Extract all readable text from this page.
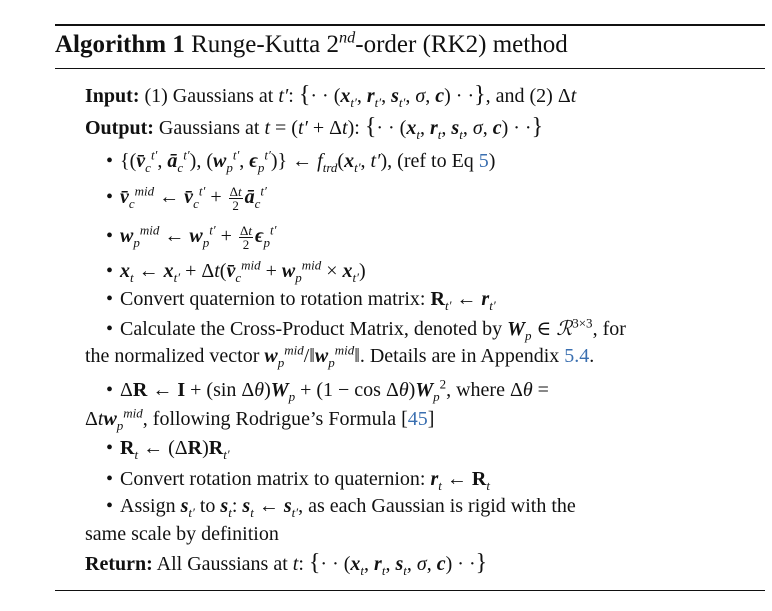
Algorithm 1 Runge-Kutta 2nd-order (RK2) method
Input: (1) Gaussians at t′: {· · ($x_{t'}$, $r_{t'}$, $s_{t'}$, σ, c) · ·}, and (2) Δt
Output: Gaussians at t = (t′ + Δt): {· · ($x_t$, $r_t$, $s_t$, σ, c) · ·}
• {($v̄_c^{t'}$, $ā_c^{t'}$), ($w_p^{t'}$, $\epsilon_p^{t'}$)} ← $f_{trd}(x_{t'}$, t′), (ref to Eq 5)
• $v̄_c^{mid}$ ← $v̄_c^{t'} + \frac{\Delta t}{2}$ $ā_c^{t'}$
• $w_p^{mid}$ ← $w_p^{t'} + \frac{\Delta t}{2} \epsilon_p^{t'}$
• $x_t$ ← $x_{t'}$ + $\Delta t(v̄_c^{mid} + w_p^{mid} \times x_{t'})$
• Convert quaternion to rotation matrix: $R_{t'}$ ← $r_{t'}$
• Calculate the Cross-Product Matrix, denoted by $W_p$ ∈ ℛ$^{3\times 3}$, for
the normalized vector $w_p^{mid}/‖w_p^{mid}‖$. Details are in Appendix 5.4.
• ΔR ← I + (sin $\Delta\theta)W_p + (1 - \cos \Delta\theta)W_p^2$, where Δθ =
Δtw$_p^{mid}$, following Rodrigue’s Formula [45]
• $R_t$ ← $(\Delta R)R_{t'}$
• Convert rotation matrix to quaternion: $r_t$ ← $R_t$
• Assign $s_{t'}$ to $s_t$: $s_t$ ← $s_{t'}$, as each Gaussian is rigid with the
same scale by definition
Return: All Gaussians at t: {· · ($x_t$, $r_t$, $s_t$, σ, c) · ·}
